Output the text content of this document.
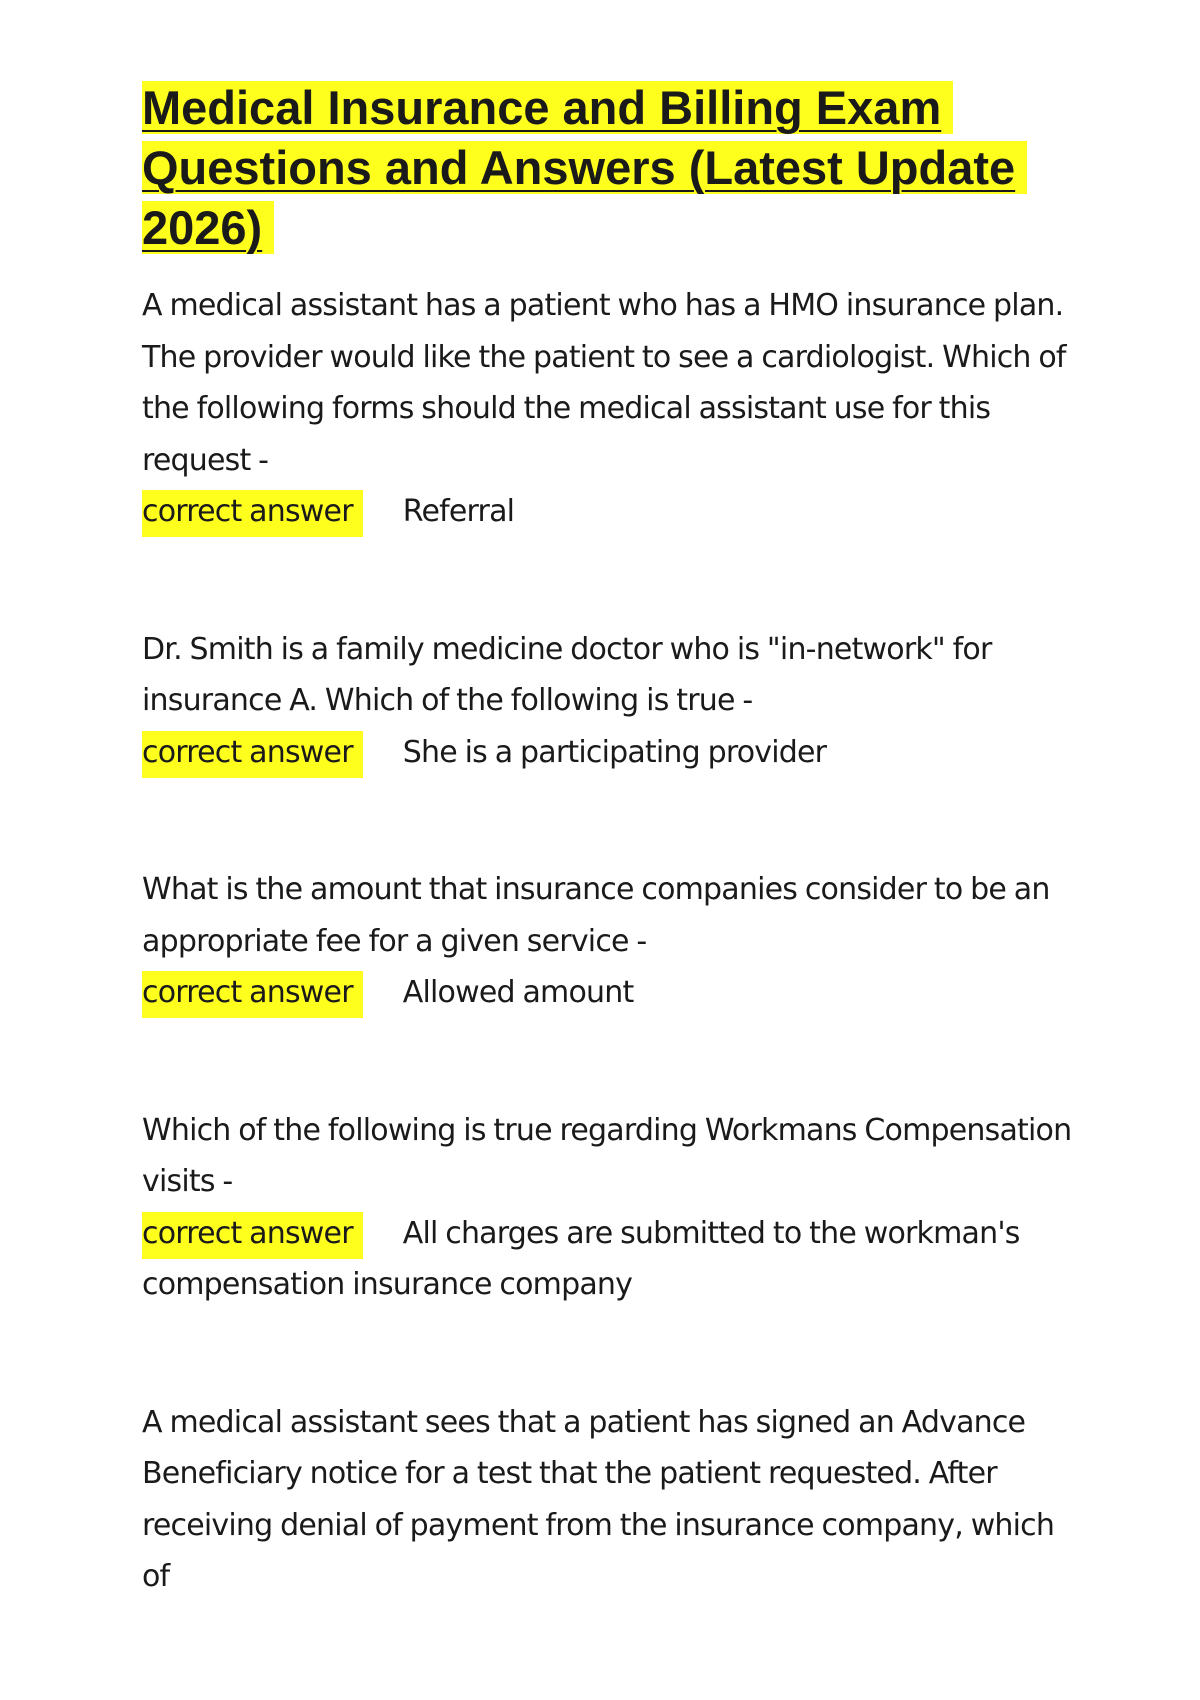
Medical Insurance and Billing Exam Questions and Answers (Latest Update 2026)

A medical assistant has a patient who has a HMO insurance plan. The provider would like the patient to see a cardiologist. Which of the following forms should the medical assistant use for this request -

correct answer Referral

Dr. Smith is a family medicine doctor who is "in-network" for insurance A. Which of the following is true -

correct answer She is a participating provider

What is the amount that insurance companies consider to be an appropriate fee for a given service -

correct answer Allowed amount

Which of the following is true regarding Workmans Compensation visits -

correct answer All charges are submitted to the workman's compensation insurance company

A medical assistant sees that a patient has signed an Advance Beneficiary notice for a test that the patient requested. After receiving denial of payment from the insurance company, which of
